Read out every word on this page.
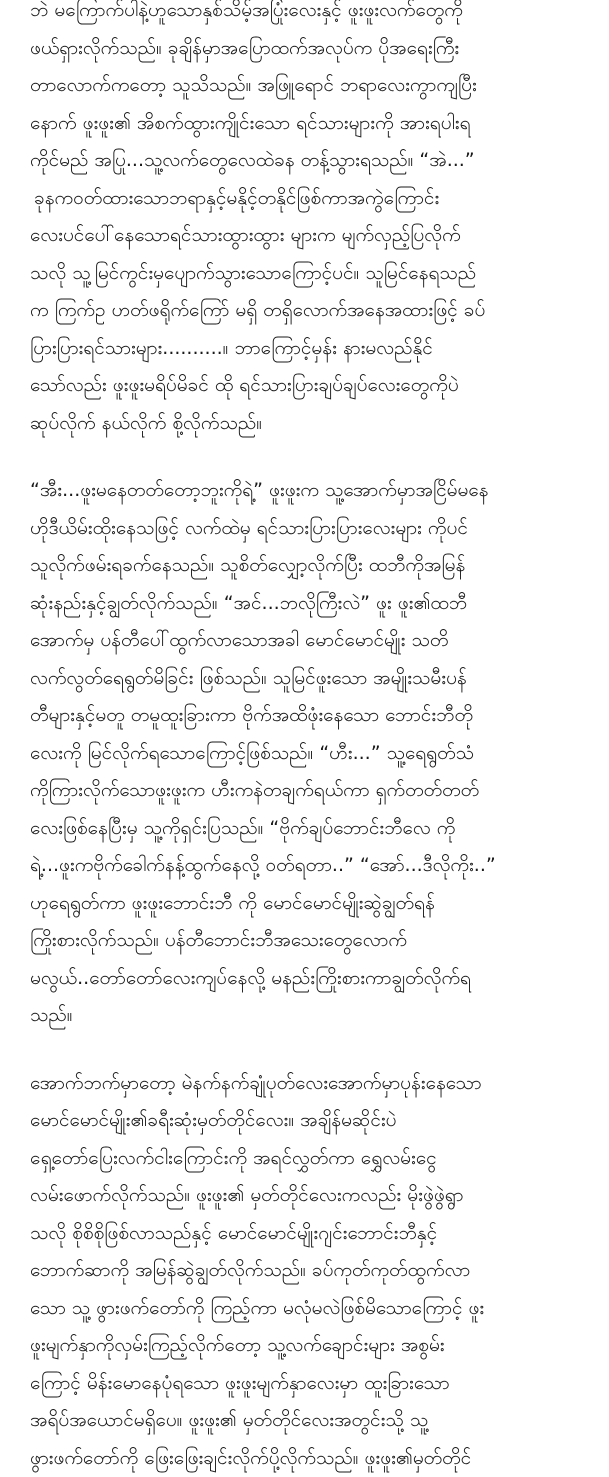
ဘဲ မကြောက်ပါနဲ့ဟူသောနှစ်သိမ့်အပြုံးလေးနှင့် ဖူးဖူးလက်တွေကို
ဖယ်ရှားလိုက်သည်။ ခုချိန်မှာအပြောထက်အလုပ်က ပိုအရေးကြီး
တာလောက်ကတော့ သူသိသည်။ အဖြူရောင် ဘရာလေးကွာကျပြီး
နောက် ဖူးဖူး၏ အိစက်ထွားကျိုင်းသော ရင်သားများကို အားရပါးရ
ကိုင်မည် အပြု...သူ့လက်တွေလေထဲခန တန့်သွားရသည်။ “အဲ...”
ခုနကဝတ်ထားသောဘရာနှင့်မနိုင့်တနိုင်ဖြစ်ကာအကွဲကြောင်း
လေးပင်ပေါ်နေသောရင်သားထွားထွား များက မျက်လှည့်ပြလိုက်
သလို သူ့မြင်ကွင်းမှပျောက်သွားသောကြောင့်ပင်။ သူမြင်နေရသည်
က ကြက်ဥ ဟတ်ဖရိုက်ကြော် မရှိ တရှိလောက်အနေအထားဖြင့် ခပ်
ပြားပြားရင်သားများ..........။ ဘာကြောင့်မှန်း နားမလည်နိုင်
သော်လည်း ဖူးဖူးမရိပ်မိခင် ထို ရင်သားပြားချပ်ချပ်လေးတွေကိုပဲ
ဆုပ်လိုက် နယ်လိုက် စို့လိုက်သည်။
“အီး...ဖူးမနေတတ်တော့ဘူးကိုရဲ့” ဖူးဖူးက သူ့အောက်မှာအငြိမ်မနေ
ဟိုဒီယိမ်းထိုးနေသဖြင့် လက်ထဲမှ ရင်သားပြားပြားလေးများ ကိုပင်
သူလိုက်ဖမ်းရခက်နေသည်။ သူစိတ်လျှော့လိုက်ပြီး ထဘီကိုအမြန်
ဆုံးနည်းနှင့်ချွတ်လိုက်သည်။ “အင်...ဘလိုကြီးလဲ” ဖူး ဖူး၏ထဘီ
အောက်မှ ပန်တီပေါ်ထွက်လာသောအခါ မောင်မောင်မျိုး သတိ
လက်လွတ်ရေရွတ်မိခြင်း ဖြစ်သည်။ သူမြင်ဖူးသော အမျိုးသမီးပန်
တီများနှင့်မတူ တမူထူးခြားကာ ဗိုက်အထိဖုံးနေသော ဘောင်းဘီတို
လေးကို မြင်လိုက်ရသောကြောင့်ဖြစ်သည်။ “ဟီး...” သူ့ရေရွတ်သံ
ကိုကြားလိုက်သောဖူးဖူးက ဟီးကနဲတချက်ရယ်ကာ ရှက်တတ်တတ်
လေးဖြစ်နေပြီးမှ သူ့ကိုရှင်းပြသည်။ “ဗိုက်ချပ်ဘောင်းဘီလေ ကို
ရဲ့...ဖူးကဗိုက်ခေါက်နန့်ထွက်နေလို့ ဝတ်ရတာ..” “အော်...ဒီလိုကိုး..”
ဟုရေရွတ်ကာ ဖူးဖူးဘောင်းဘီ ကို မောင်မောင်မျိုးဆွဲချွတ်ရန်
ကြိုးစားလိုက်သည်။ ပန်တီဘောင်းဘီအသေးတွေလောက်
မလွယ်..တော်တော်လေးကျပ်နေလို့ မနည်းကြိုးစားကာချွတ်လိုက်ရ
သည်။
အောက်ဘက်မှာတော့ မဲနက်နက်ချုံပုတ်လေးအောက်မှာပုန်းနေသော
မောင်မောင်မျိုး၏ခရီးဆုံးမှတ်တိုင်လေး။ အချိန်မဆိုင်းပဲ
ရှေ့တော်ပြေးလက်ငါးကြောင်းကို အရင်လွှတ်ကာ ရွှေလမ်းငွေ
လမ်းဖောက်လိုက်သည်။ ဖူးဖူး၏ မှတ်တိုင်လေးကလည်း မိုးဖွဲဖွဲရွာ
သလို စိုစိစိုဖြစ်လာသည်နှင့် မောင်မောင်မျိုးဂျင်းဘောင်းဘီနှင့်
ဘောက်ဆာကို အမြန်ဆွဲချွတ်လိုက်သည်။ ခပ်ကုတ်ကုတ်ထွက်လာ
သော သူ့ ဖွားဖက်တော်ကို ကြည့်ကာ မလုံမလဲဖြစ်မိသောကြောင့် ဖူး
ဖူးမျက်နှာကိုလှမ်းကြည့်လိုက်တော့ သူ့လက်ချောင်းများ အစွမ်း
ကြောင့် မိန်းမောနေပုံရသော ဖူးဖူးမျက်နှာလေးမှာ ထူးခြားသော
အရိပ်အယောင်မရှိပေ။ ဖူးဖူး၏ မှတ်တိုင်လေးအတွင်းသို့ သူ့
ဖွားဖက်တော်ကို ဖြေးဖြေးချင်းလိုက်ပို့လိုက်သည်။ ဖူးဖူး၏မှတ်တိုင်
